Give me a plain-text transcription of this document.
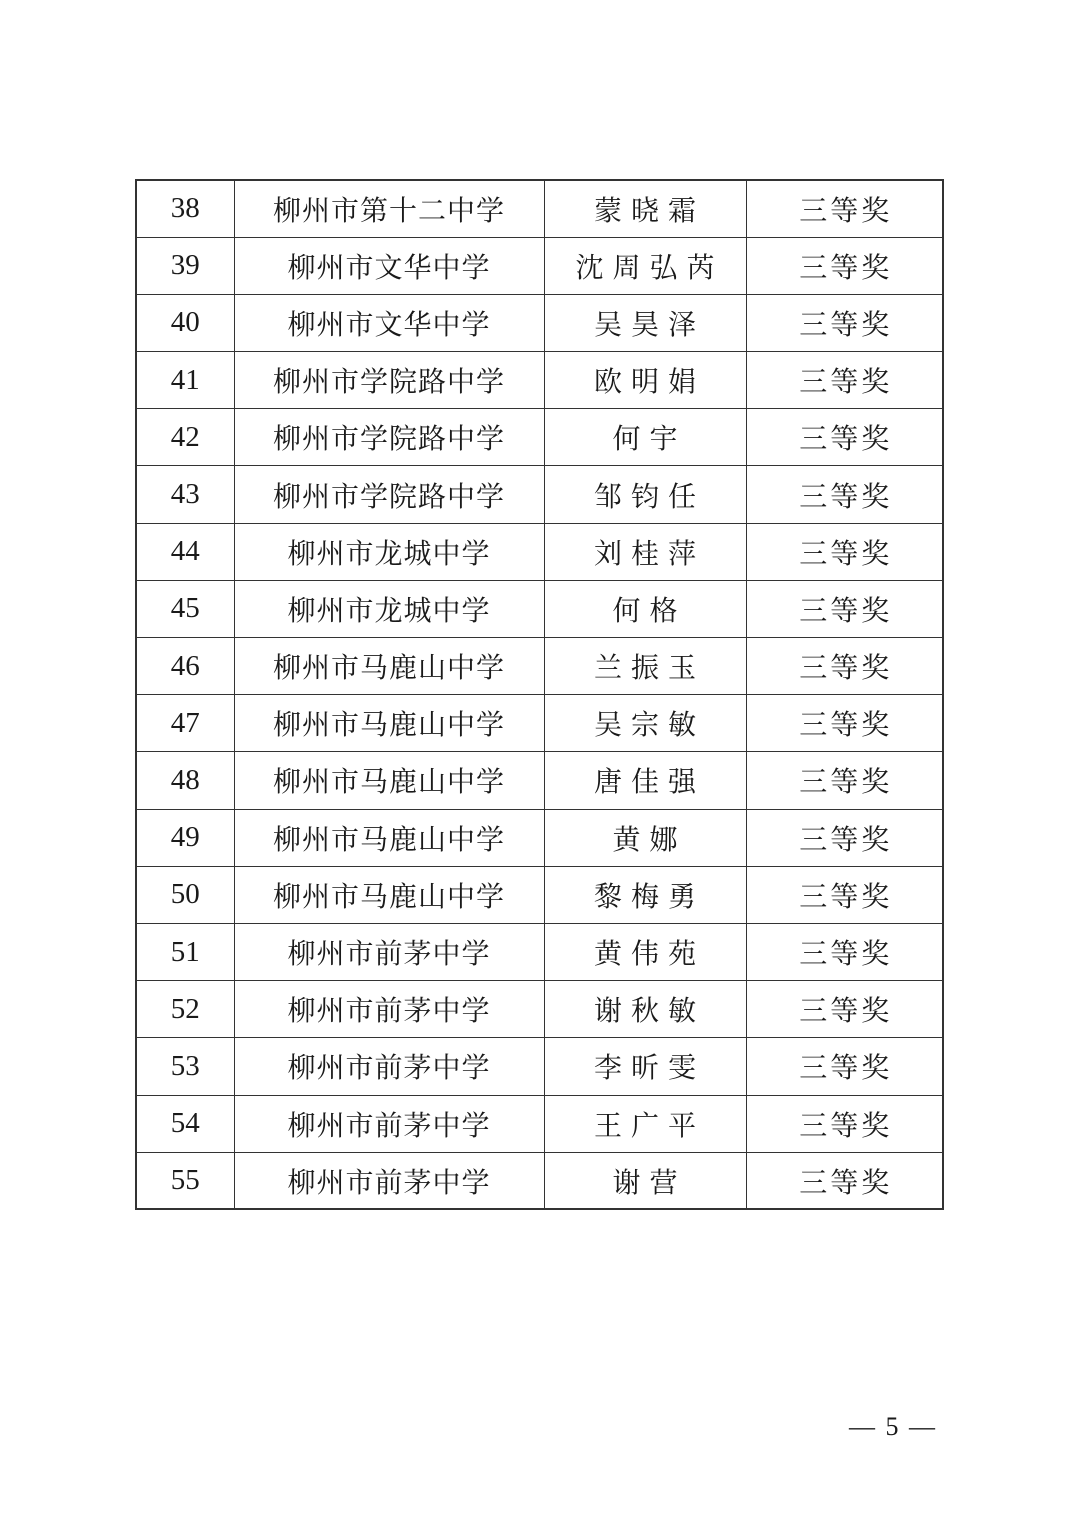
38	柳州市第十二中学	蒙晓霜	三等奖
39	柳州市文华中学	沈周弘芮	三等奖
40	柳州市文华中学	吴昊泽	三等奖
41	柳州市学院路中学	欧明娟	三等奖
42	柳州市学院路中学	何宇	三等奖
43	柳州市学院路中学	邹钧任	三等奖
44	柳州市龙城中学	刘桂萍	三等奖
45	柳州市龙城中学	何格	三等奖
46	柳州市马鹿山中学	兰振玉	三等奖
47	柳州市马鹿山中学	吴宗敏	三等奖
48	柳州市马鹿山中学	唐佳强	三等奖
49	柳州市马鹿山中学	黄娜	三等奖
50	柳州市马鹿山中学	黎梅勇	三等奖
51	柳州市前茅中学	黄伟苑	三等奖
52	柳州市前茅中学	谢秋敏	三等奖
53	柳州市前茅中学	李昕雯	三等奖
54	柳州市前茅中学	王广平	三等奖
55	柳州市前茅中学	谢营	三等奖
— 5 —
